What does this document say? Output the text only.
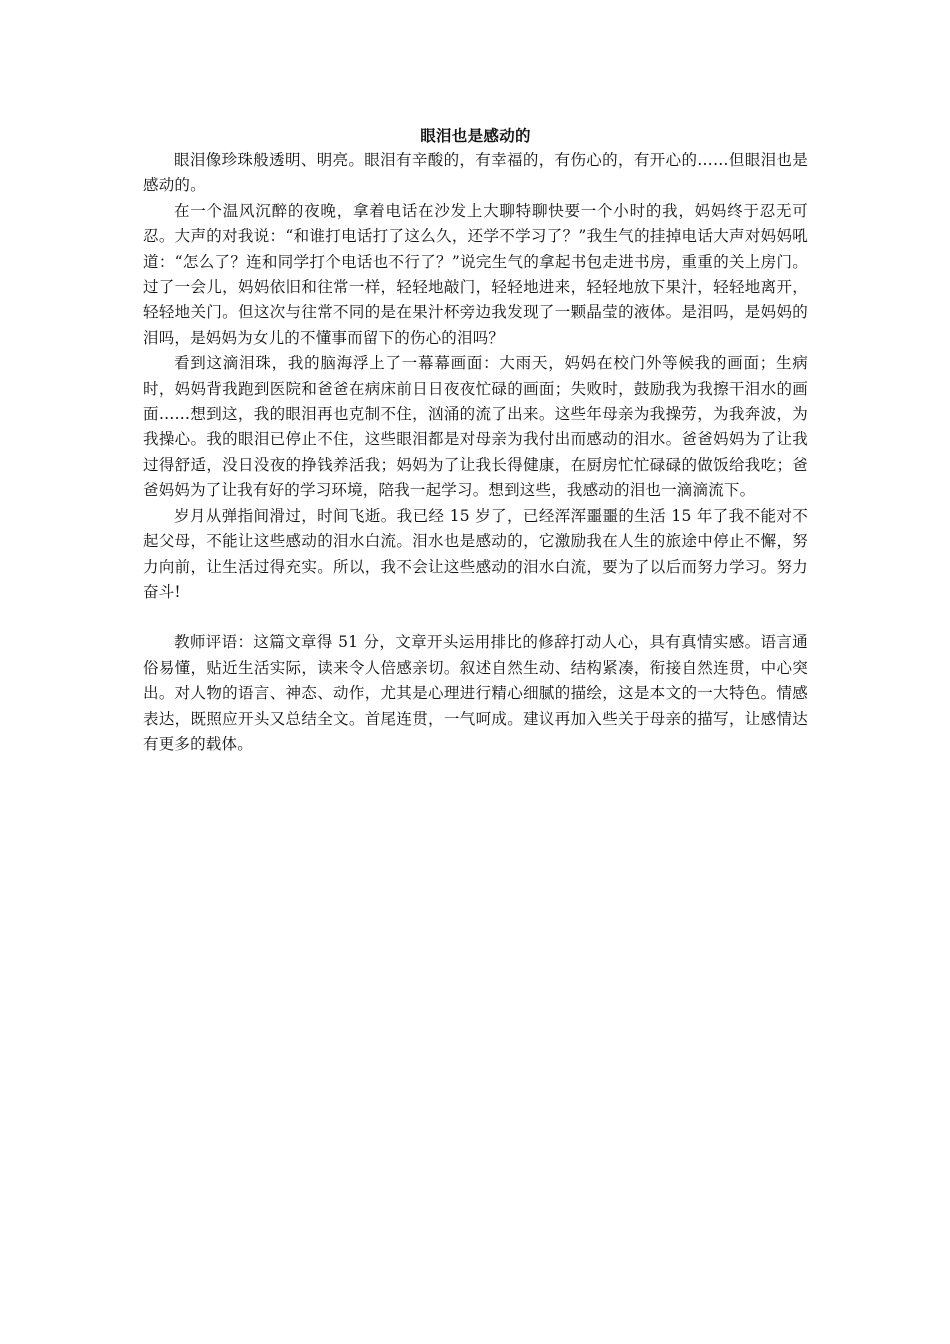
眼泪也是感动的

眼泪像珍珠般透明、明亮。眼泪有辛酸的，有幸福的，有伤心的，有开心的……但眼泪也是感动的。

在一个温风沉醉的夜晚，拿着电话在沙发上大聊特聊快要一个小时的我，妈妈终于忍无可忍。大声的对我说：“和谁打电话打了这么久，还学不学习了？”我生气的挂掉电话大声对妈妈吼道：“怎么了？连和同学打个电话也不行了？”说完生气的拿起书包走进书房，重重的关上房门。过了一会儿，妈妈依旧和往常一样，轻轻地敲门，轻轻地进来，轻轻地放下果汁，轻轻地离开，轻轻地关门。但这次与往常不同的是在果汁杯旁边我发现了一颗晶莹的液体。是泪吗，是妈妈的泪吗，是妈妈为女儿的不懂事而留下的伤心的泪吗？

看到这滴泪珠，我的脑海浮上了一幕幕画面：大雨天，妈妈在校门外等候我的画面；生病时，妈妈背我跑到医院和爸爸在病床前日日夜夜忙碌的画面；失败时，鼓励我为我擦干泪水的画面……想到这，我的眼泪再也克制不住，汹涌的流了出来。这些年母亲为我操劳，为我奔波，为我操心。我的眼泪已停止不住，这些眼泪都是对母亲为我付出而感动的泪水。爸爸妈妈为了让我过得舒适，没日没夜的挣钱养活我；妈妈为了让我长得健康，在厨房忙忙碌碌的做饭给我吃；爸爸妈妈为了让我有好的学习环境，陪我一起学习。想到这些，我感动的泪也一滴滴流下。

岁月从弹指间滑过，时间飞逝。我已经 15 岁了，已经浑浑噩噩的生活 15 年了我不能对不起父母，不能让这些感动的泪水白流。泪水也是感动的，它激励我在人生的旅途中停止不懈，努力向前，让生活过得充实。所以，我不会让这些感动的泪水白流，要为了以后而努力学习。努力奋斗!

教师评语：这篇文章得 51 分，文章开头运用排比的修辞打动人心，具有真情实感。语言通俗易懂，贴近生活实际，读来令人倍感亲切。叙述自然生动、结构紧凑，衔接自然连贯，中心突出。对人物的语言、神态、动作，尤其是心理进行精心细腻的描绘，这是本文的一大特色。情感表达，既照应开头又总结全文。首尾连贯，一气呵成。建议再加入些关于母亲的描写，让感情达有更多的载体。
